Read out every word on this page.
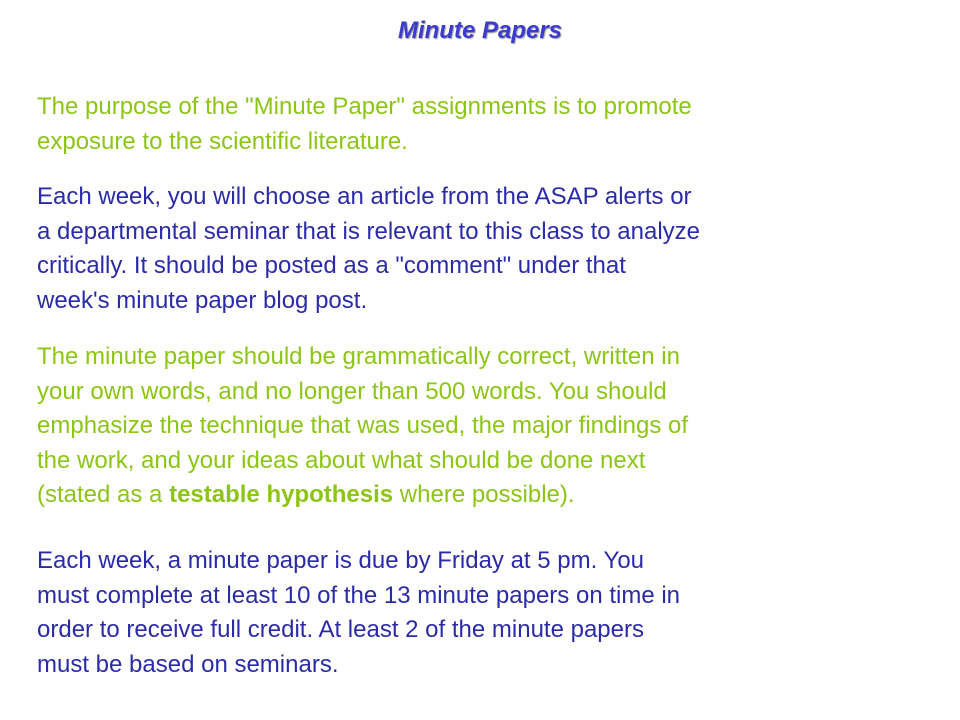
Minute Papers

The purpose of the "Minute Paper" assignments is to promote
exposure to the scientific literature.

Each week, you will choose an article from the ASAP alerts or
a departmental seminar that is relevant to this class to analyze
critically. It should be posted as a "comment" under that
week's minute paper blog post.

The minute paper should be grammatically correct, written in
your own words, and no longer than 500 words. You should
emphasize the technique that was used, the major findings of
the work, and your ideas about what should be done next
(stated as a testable hypothesis where possible).

Each week, a minute paper is due by Friday at 5 pm. You
must complete at least 10 of the 13 minute papers on time in
order to receive full credit. At least 2 of the minute papers
must be based on seminars.
